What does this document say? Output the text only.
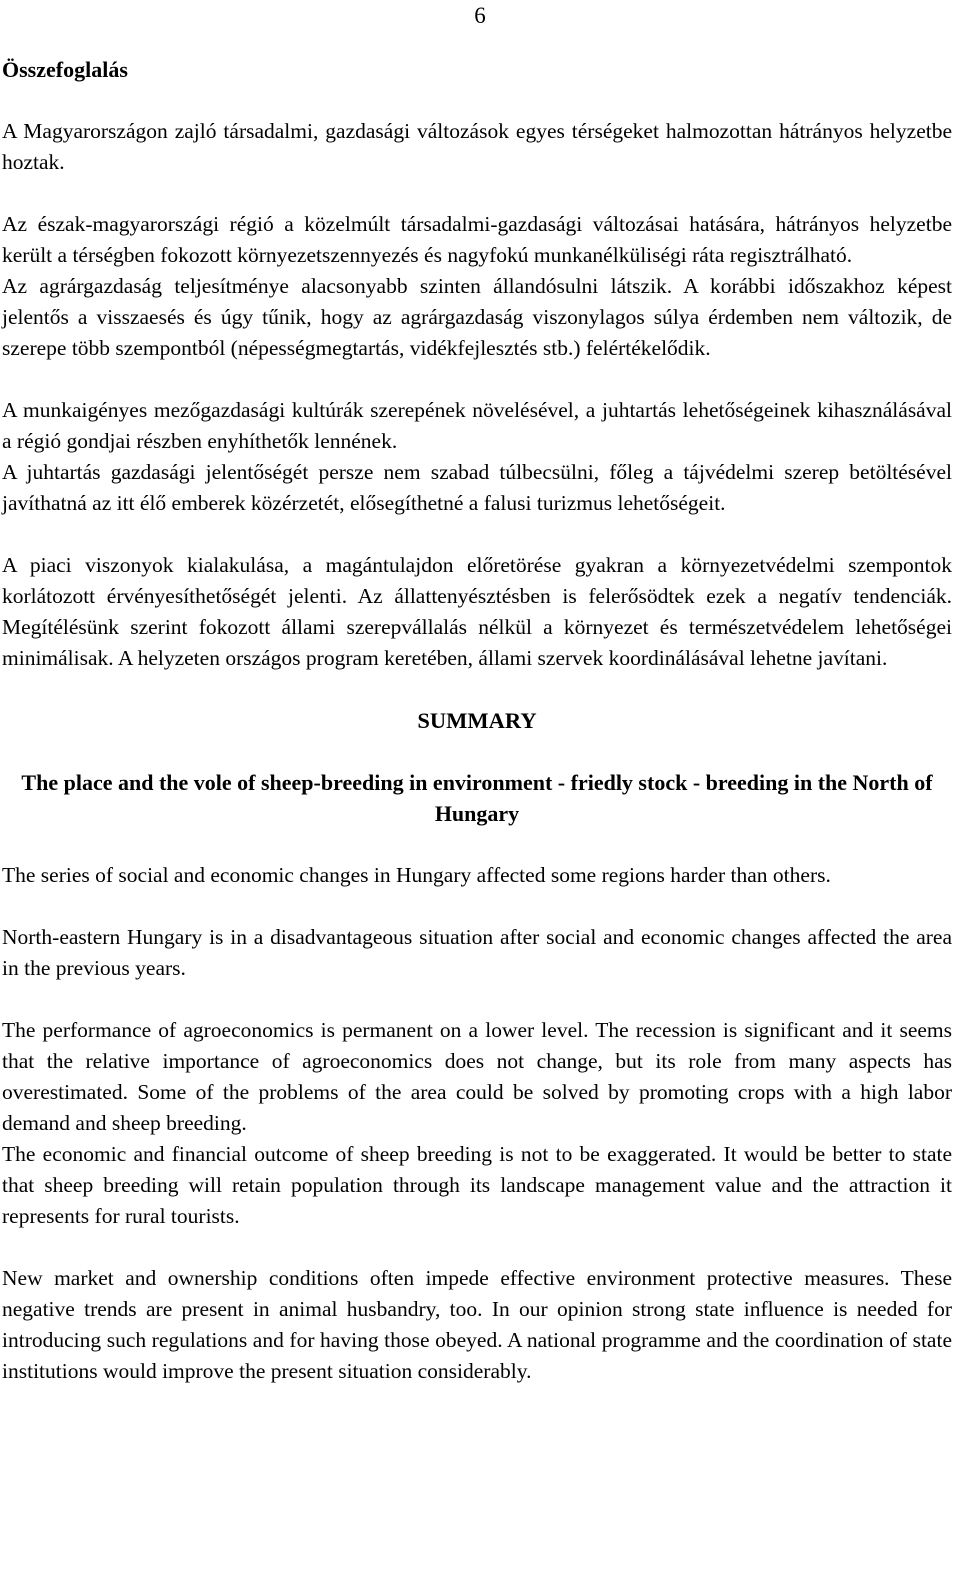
6
Összefoglalás

A Magyarországon zajló társadalmi, gazdasági változások egyes térségeket halmozottan hátrányos helyzetbe hoztak.

Az észak-magyarországi régió a közelmúlt társadalmi-gazdasági változásai hatására, hátrányos helyzetbe került a térségben fokozott környezetszennyezés és nagyfokú munkanélküliségi ráta regisztrálható.

Az agrárgazdaság teljesítménye alacsonyabb szinten állandósulni látszik. A korábbi időszakhoz képest jelentős a visszaesés és úgy tűnik, hogy az agrárgazdaság viszonylagos súlya érdemben nem változik, de szerepe több szempontból (népességmegtartás, vidékfejlesztés stb.) felértékelődik.

A munkaigényes mezőgazdasági kultúrák szerepének növelésével, a juhtartás lehetőségeinek kihasználásával a régió gondjai részben enyhíthetők lennének.

A juhtartás gazdasági jelentőségét persze nem szabad túlbecsülni, főleg a tájvédelmi szerep betöltésével javíthatná az itt élő emberek közérzetét, elősegíthetné a falusi turizmus lehetőségeit.

A piaci viszonyok kialakulása, a magántulajdon előretörése gyakran a környezetvédelmi szempontok korlátozott érvényesíthetőségét jelenti. Az állattenyésztésben is felerősödtek ezek a negatív tendenciák. Megítélésünk szerint fokozott állami szerepvállalás nélkül a környezet és természetvédelem lehetőségei minimálisak. A helyzeten országos program keretében, állami szervek koordinálásával lehetne javítani.

SUMMARY
The place and the vole of sheep-breeding in environment - friedly stock - breeding in the North of Hungary

The series of social and economic changes in Hungary affected some regions harder than others.

North-eastern Hungary is in a disadvantageous situation after social and economic changes affected the area in the previous years.

The performance of agroeconomics is permanent on a lower level. The recession is significant and it seems that the relative importance of agroeconomics does not change, but its role from many aspects has overestimated. Some of the problems of the area could be solved by promoting crops with a high labor demand and sheep breeding.

The economic and financial outcome of sheep breeding is not to be exaggerated. It would be better to state that sheep breeding will retain population through its landscape management value and the attraction it represents for rural tourists.

New market and ownership conditions often impede effective environment protective measures. These negative trends are present in animal husbandry, too. In our opinion strong state influence is needed for introducing such regulations and for having those obeyed. A national programme and the coordination of state institutions would improve the present situation considerably.
